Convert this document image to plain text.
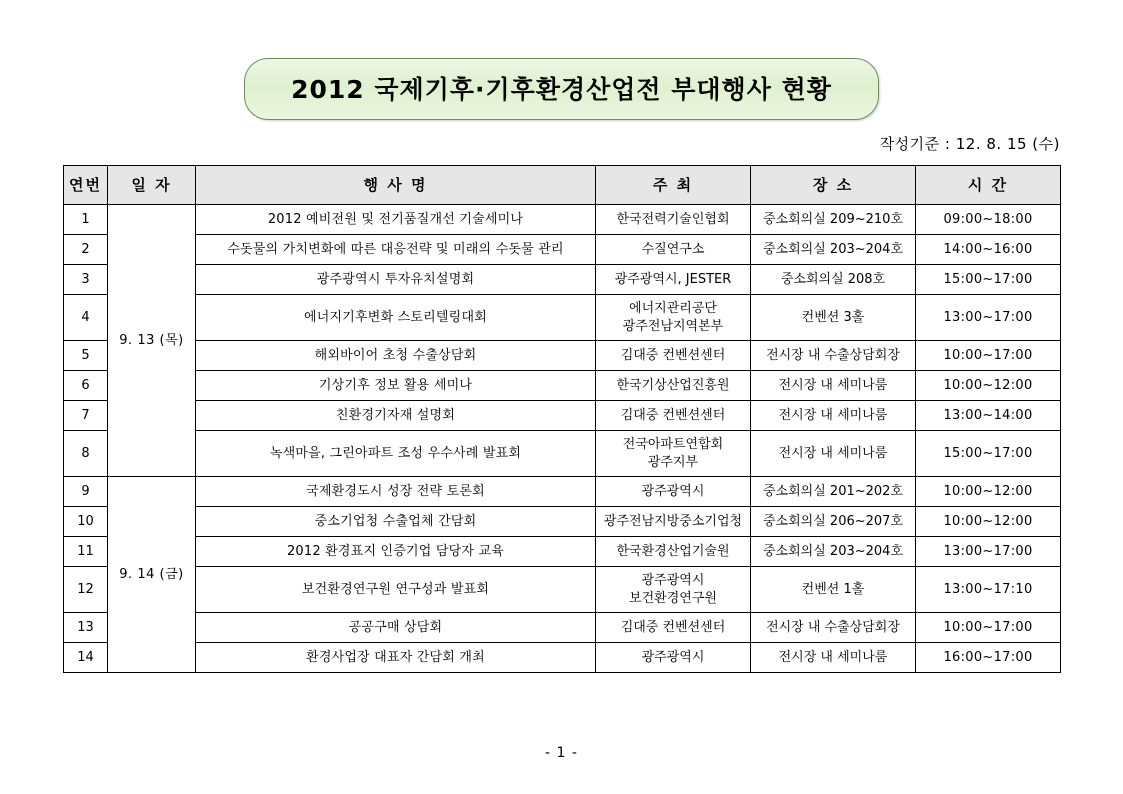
2012 국제기후·기후환경산업전 부대행사 현황
작성기준 : 12. 8. 15 (수)
연번	일 자	행 사 명	주 최	장 소	시 간
1	9. 13 (목)	2012 예비전원 및 전기품질개선 기술세미나	한국전력기술인협회	중소회의실 209~210호	09:00~18:00
2		수돗물의 가치변화에 따른 대응전략 및 미래의 수돗물 관리	수질연구소	중소회의실 203~204호	14:00~16:00
3		광주광역시 투자유치설명회	광주광역시, JESTER	중소회의실 208호	15:00~17:00
4		에너지기후변화 스토리텔링대회	에너지관리공단
광주전남지역본부	컨벤션 3홀	13:00~17:00
5		해외바이어 초청 수출상담회	김대중 컨벤션센터	전시장 내 수출상담회장	10:00~17:00
6		기상기후 정보 활용 세미나	한국기상산업진흥원	전시장 내 세미나룸	10:00~12:00
7		친환경기자재 설명회	김대중 컨벤션센터	전시장 내 세미나룸	13:00~14:00
8		녹색마을, 그린아파트 조성 우수사례 발표회	전국아파트연합회
광주지부	전시장 내 세미나룸	15:00~17:00
9	9. 14 (금)	국제환경도시 성장 전략 토론회	광주광역시	중소회의실 201~202호	10:00~12:00
10		중소기업청 수출업체 간담회	광주전남지방중소기업청	중소회의실 206~207호	10:00~12:00
11		2012 환경표지 인증기업 담당자 교육	한국환경산업기술원	중소회의실 203~204호	13:00~17:00
12		보건환경연구원 연구성과 발표회	광주광역시
보건환경연구원	컨벤션 1홀	13:00~17:10
13		공공구매 상담회	김대중 컨벤션센터	전시장 내 수출상담회장	10:00~17:00
14		환경사업장 대표자 간담회 개최	광주광역시	전시장 내 세미나룸	16:00~17:00
- 1 -
